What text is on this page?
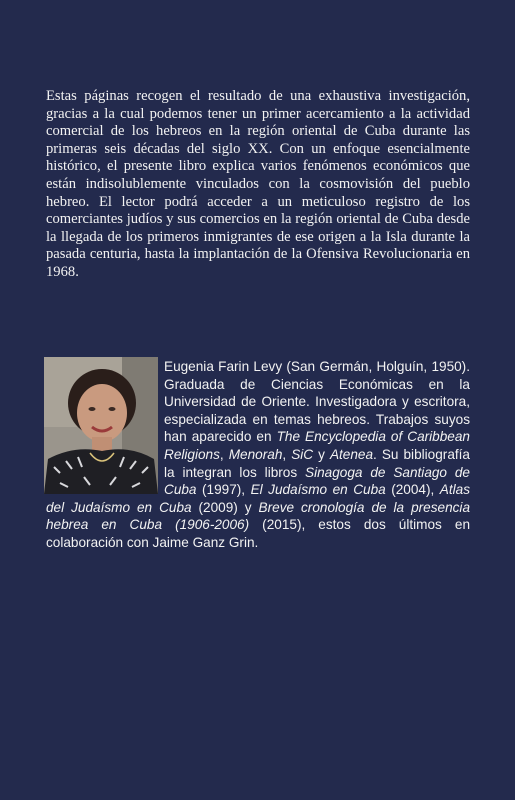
Estas páginas recogen el resultado de una exhaustiva investigación, gracias a la cual podemos tener un primer acercamiento a la actividad comercial de los hebreos en la región oriental de Cuba durante las primeras seis décadas del siglo XX. Con un enfoque esencialmente histórico, el presente libro explica varios fenómenos económicos que están indisolublemente vinculados con la cosmovisión del pueblo hebreo. El lector podrá acceder a un meticuloso registro de los comerciantes judíos y sus comercios en la región oriental de Cuba desde la llegada de los primeros inmigrantes de ese origen a la Isla durante la pasada centuria, hasta la implantación de la Ofensiva Revolucionaria en 1968.

Eugenia Farin Levy (San Germán, Holguín, 1950). Graduada de Ciencias Económicas en la Universidad de Oriente. Investigadora y escritora, especializada en temas hebreos. Trabajos suyos han aparecido en The Encyclopedia of Caribbean Religions, Menorah, SiC y Atenea. Su bibliografía la integran los libros Sinagoga de Santiago de Cuba (1997), El Judaísmo en Cuba (2004), Atlas del Judaísmo en Cuba (2009) y Breve cronología de la presencia hebrea en Cuba (1906-2006) (2015), estos dos últimos en colaboración con Jaime Ganz Grin.
